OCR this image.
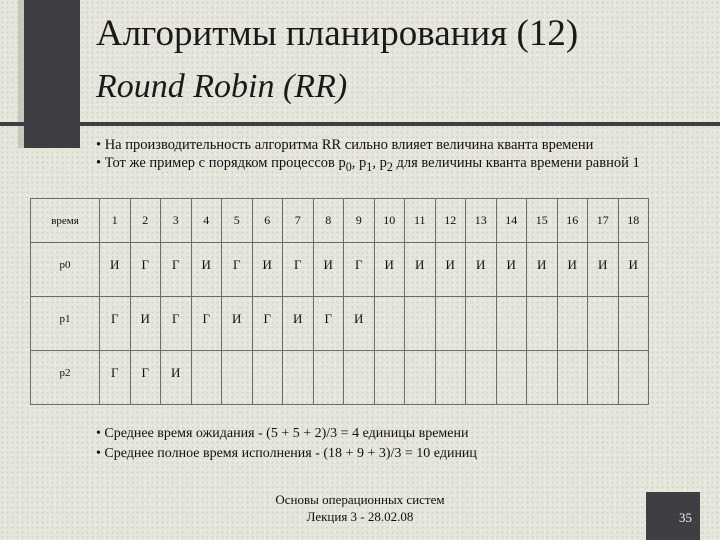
Алгоритмы планирования (12)
Round Robin (RR)
• На производительность алгоритма RR сильно влияет величина кванта времени
• Тот же пример с порядком процессов $p_0$, $p_1$, $p_2$ для величины кванта времени равной 1
время	1	2	3	4	5	6	7	8	9	10	11	12	13	14	15	16	17	18
p0	И	Г	Г	И	Г	И	Г	И	Г	И	И	И	И	И	И	И	И	И
p1	Г	И	Г	Г	И	Г	И	Г	И									
p2	Г	Г	И															
• Среднее время ожидания - (5 + 5 + 2)/3 = 4 единицы времени
• Среднее полное время исполнения - (18 + 9 + 3)/3 = 10 единиц
Основы операционных систем
Лекция 3 - 28.02.08	35
